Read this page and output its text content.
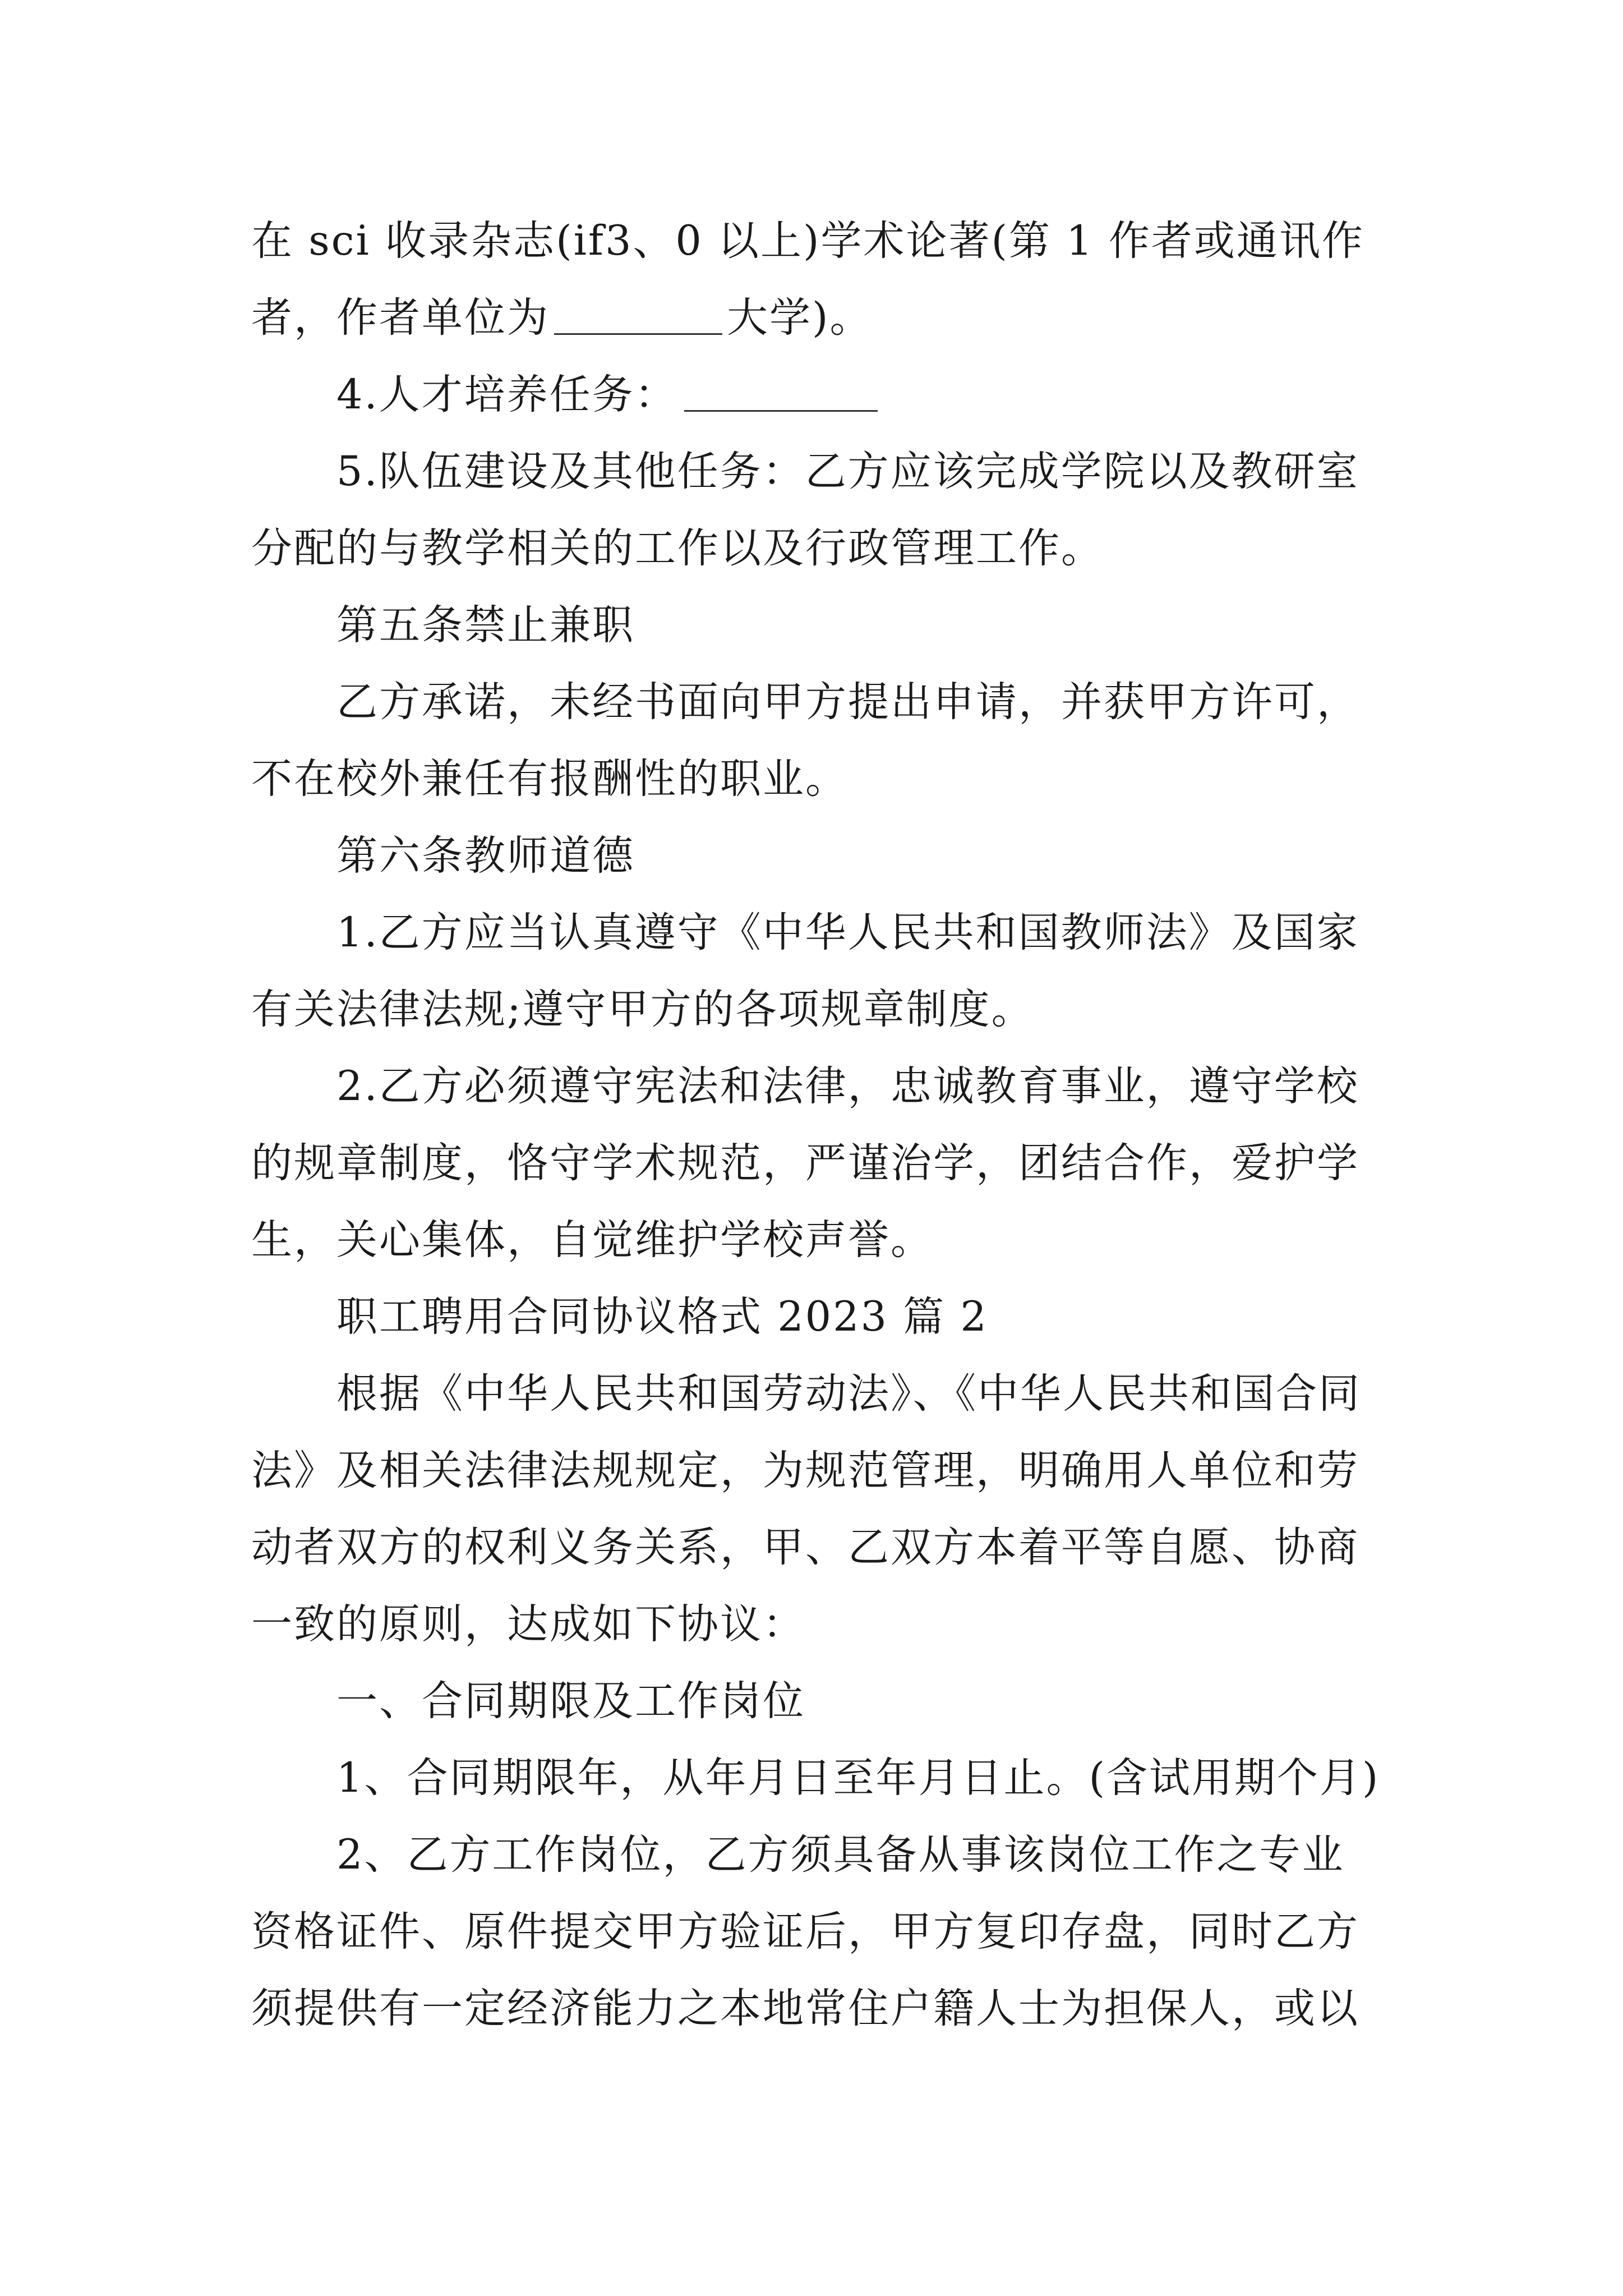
在 sci 收录杂志(if3、0 以上)学术论著(第 1 作者或通讯作
者，作者单位为	大学)。
4.人才培养任务：
5.队伍建设及其他任务：乙方应该完成学院以及教研室
分配的与教学相关的工作以及行政管理工作。
第五条禁止兼职
乙方承诺，未经书面向甲方提出申请，并获甲方许可，
不在校外兼任有报酬性的职业。
第六条教师道德
1.乙方应当认真遵守《中华人民共和国教师法》及国家
有关法律法规;遵守甲方的各项规章制度。
2.乙方必须遵守宪法和法律，忠诚教育事业，遵守学校
的规章制度，恪守学术规范，严谨治学，团结合作，爱护学
生，关心集体，自觉维护学校声誉。
职工聘用合同协议格式 2023 篇 2
根据《中华人民共和国劳动法》、《中华人民共和国合同
法》及相关法律法规规定，为规范管理，明确用人单位和劳
动者双方的权利义务关系，甲、乙双方本着平等自愿、协商
一致的原则，达成如下协议：
一、合同期限及工作岗位
1、合同期限年，从年月日至年月日止。(含试用期个月)
2、乙方工作岗位，乙方须具备从事该岗位工作之专业
资格证件、原件提交甲方验证后，甲方复印存盘，同时乙方
须提供有一定经济能力之本地常住户籍人士为担保人，或以
